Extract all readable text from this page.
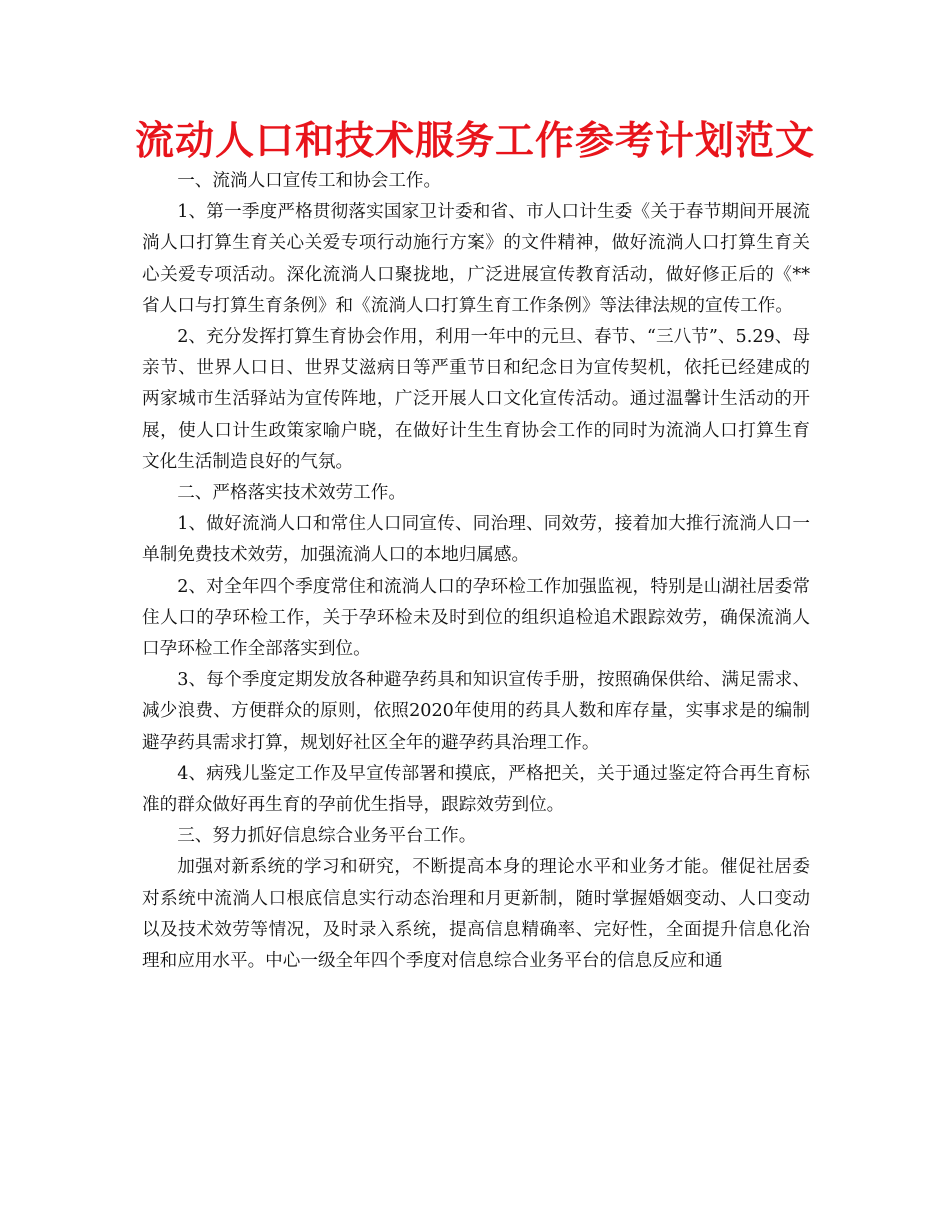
流动人口和技术服务工作参考计划范文

一、流淌人口宣传工和协会工作。

1、第一季度严格贯彻落实国家卫计委和省、市人口计生委《关于春节期间开展流淌人口打算生育关心关爱专项行动施行方案》的文件精神，做好流淌人口打算生育关心关爱专项活动。深化流淌人口聚拢地，广泛进展宣传教育活动，做好修正后的《**省人口与打算生育条例》和《流淌人口打算生育工作条例》等法律法规的宣传工作。

2、充分发挥打算生育协会作用，利用一年中的元旦、春节、“三八节”、5.29、母亲节、世界人口日、世界艾滋病日等严重节日和纪念日为宣传契机，依托已经建成的两家城市生活驿站为宣传阵地，广泛开展人口文化宣传活动。通过温馨计生活动的开展，使人口计生政策家喻户晓，在做好计生生育协会工作的同时为流淌人口打算生育文化生活制造良好的气氛。

二、严格落实技术效劳工作。

1、做好流淌人口和常住人口同宣传、同治理、同效劳，接着加大推行流淌人口一单制免费技术效劳，加强流淌人口的本地归属感。

2、对全年四个季度常住和流淌人口的孕环检工作加强监视，特别是山湖社居委常住人口的孕环检工作，关于孕环检未及时到位的组织追检追术跟踪效劳，确保流淌人口孕环检工作全部落实到位。

3、每个季度定期发放各种避孕药具和知识宣传手册，按照确保供给、满足需求、减少浪费、方便群众的原则，依照2020年使用的药具人数和库存量，实事求是的编制避孕药具需求打算，规划好社区全年的避孕药具治理工作。

4、病残儿鉴定工作及早宣传部署和摸底，严格把关，关于通过鉴定符合再生育标准的群众做好再生育的孕前优生指导，跟踪效劳到位。

三、努力抓好信息综合业务平台工作。

加强对新系统的学习和研究，不断提高本身的理论水平和业务才能。催促社居委对系统中流淌人口根底信息实行动态治理和月更新制，随时掌握婚姻变动、人口变动以及技术效劳等情况，及时录入系统，提高信息精确率、完好性，全面提升信息化治理和应用水平。中心一级全年四个季度对信息综合业务平台的信息反应和通
